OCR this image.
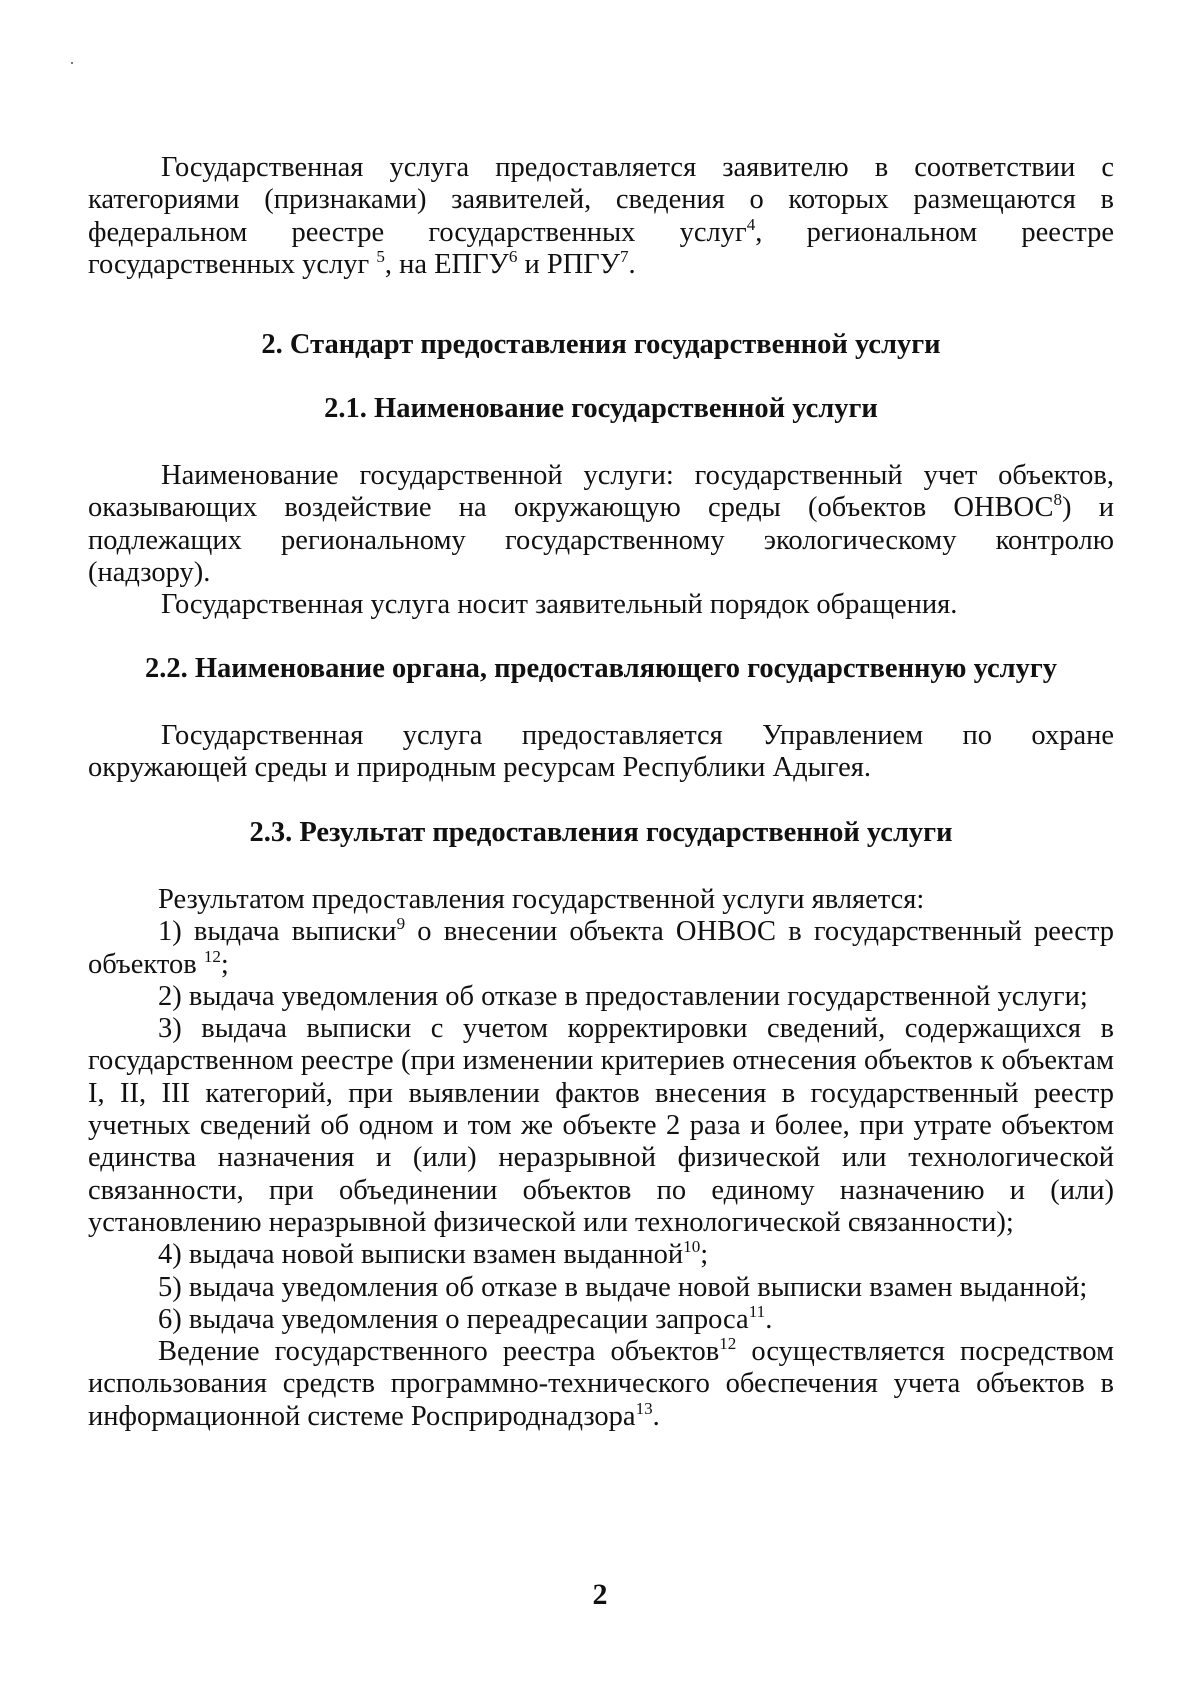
Государственная услуга предоставляется заявителю в соответствии с категориями (признаками) заявителей, сведения о которых размещаются в федеральном реестре государственных услуг$^4$, региональном реестре государственных услуг $^5$, на ЕПГУ$^6$ и РПГУ$^7$.

2. Стандарт предоставления государственной услуги
2.1. Наименование государственной услуги

Наименование государственной услуги: государственный учет объектов, оказывающих воздействие на окружающую среды (объектов ОНВОС$^8$) и подлежащих региональному государственному экологическому контролю (надзору).

Государственная услуга носит заявительный порядок обращения.

2.2. Наименование органа, предоставляющего государственную услугу

Государственная услуга предоставляется Управлением по охране окружающей среды и природным ресурсам Республики Адыгея.

2.3. Результат предоставления государственной услуги

Результатом предоставления государственной услуги является:

1) выдача выписки$^9$ о внесении объекта ОНВОС в государственный реестр объектов $^{12}$;

2) выдача уведомления об отказе в предоставлении государственной услуги;

3) выдача выписки с учетом корректировки сведений, содержащихся в государственном реестре (при изменении критериев отнесения объектов к объектам I, II, III категорий, при выявлении фактов внесения в государственный реестр учетных сведений об одном и том же объекте 2 раза и более, при утрате объектом единства назначения и (или) неразрывной физической или технологической связанности, при объединении объектов по единому назначению и (или) установлению неразрывной физической или технологической связанности);

4) выдача новой выписки взамен выданной$^{10}$;

5) выдача уведомления об отказе в выдаче новой выписки взамен выданной;

6) выдача уведомления о переадресации запроса$^{11}$.

Ведение государственного реестра объектов$^{12}$ осуществляется посредством использования средств программно-технического обеспечения учета объектов в информационной системе Росприроднадзора$^{13}$.

2
